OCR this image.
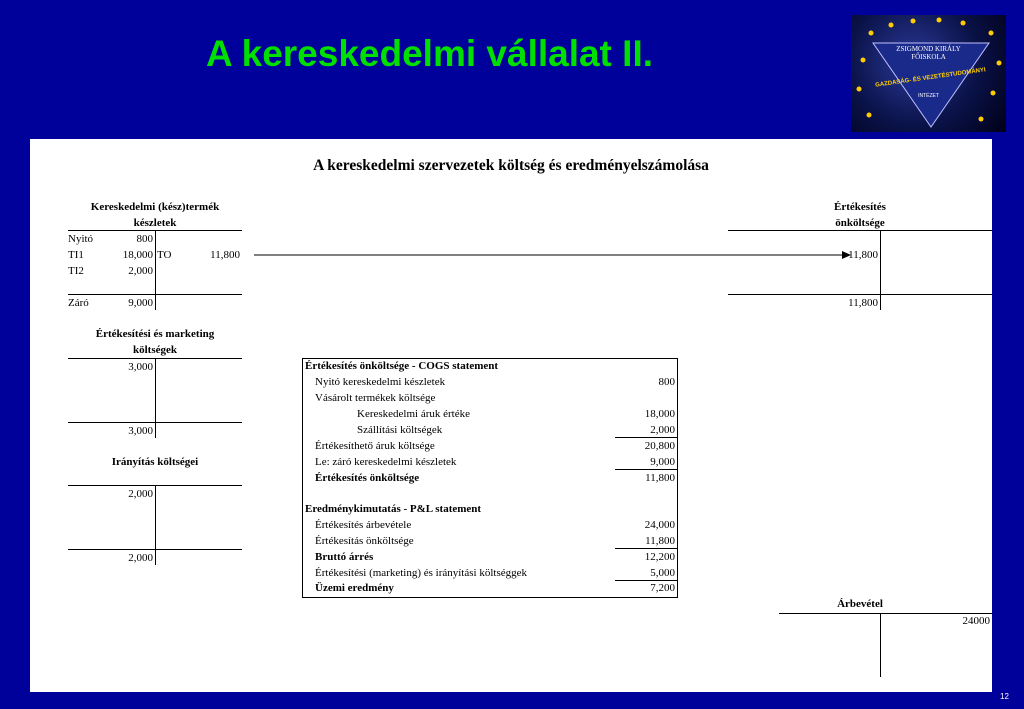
A kereskedelmi vállalat II.	ZSIGMOND KIRÁLY
FŐISKOLA
GAZDASÁG- ÉS VEZETÉSTUDOMÁNYI
INTÉZET
A kereskedelmi szervezetek költség és eredményelszámolása
Kereskedelmi (kész)termék
készletek
Nyitó	800
TI1	18,000 TO	11,800
TI2	2,000
Záró	9,000
Értékesítés
önköltsége
11,800
11,800
Értékesítési és marketing
költségek
3,000
3,000
Irányítás költségei
2,000
2,000
Árbevétel
24000
Értékesítés önköltsége - COGS statement
Nyitó kereskedelmi készletek	800
Vásárolt termékek költsége
Kereskedelmi áruk értéke	18,000
Szállítási költségek	2,000
Értékesíthető áruk költsége	20,800
Le: záró kereskedelmi készletek	9,000
Értékesítés önköltsége	11,800
Eredménykimutatás - P&L statement
Értékesítés árbevétele	24,000
Értékesítás önköltsége	11,800
Bruttó árrés	12,200
Értékesítési (marketing) és irányítási költséggek	5,000
Üzemi eredmény	7,200
12
